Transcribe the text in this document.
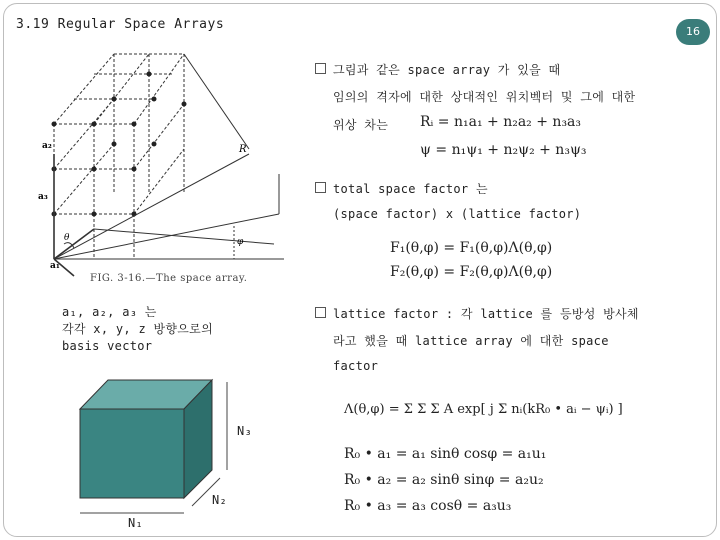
3.19 Regular Space Arrays	16
R
a₃
a₂
a₁
θ	φ
FIG. 3-16.—The space array.
그림과 같은 space array 가 있을 때
임의의 격자에 대한 상대적인 위치벡터 및 그에 대한
위상 차는 Rᵢ = n₁a₁ + n₂a₂ + n₃a₃
ψ = n₁ψ₁ + n₂ψ₂ + n₃ψ₃
total space factor 는
(space factor) x (lattice factor)
F₁(θ,φ) = F₁(θ,φ)Λ(θ,φ)
F₂(θ,φ) = F₂(θ,φ)Λ(θ,φ)
a₁, a₂, a₃ 는
각각 x, y, z 방향으로의
basis vector
lattice factor : 각 lattice 를 등방성 방사체
라고 했을 때 lattice array 에 대한 space
factor
Λ(θ,φ) = Σ Σ Σ A exp[ j Σ nᵢ(kR₀ • aᵢ − ψᵢ) ]
R₀ • a₁ = a₁ sinθ cosφ = a₁u₁
R₀ • a₂ = a₂ sinθ sinφ = a₂u₂
R₀ • a₃ = a₃ cosθ = a₃u₃
N₁
N₂
N₃
